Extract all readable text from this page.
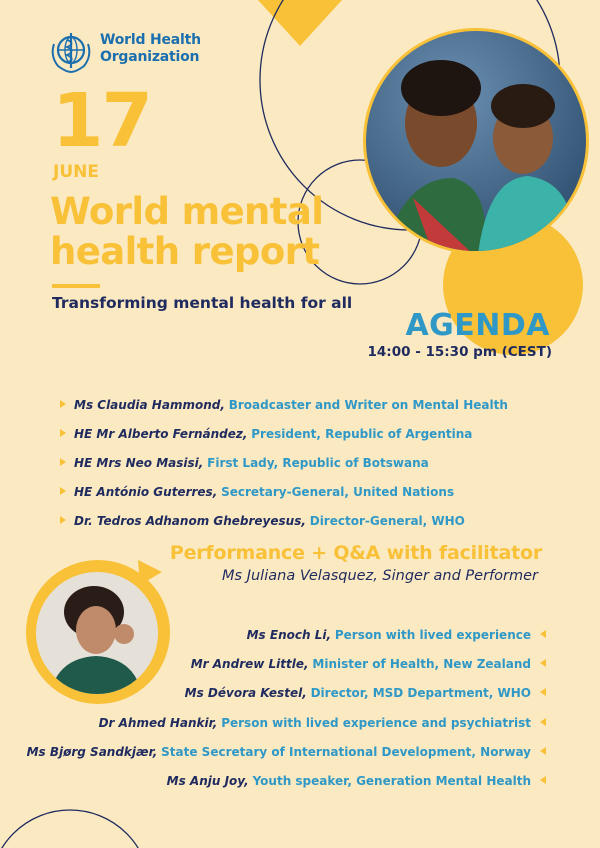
World Health
Organization
17
JUNE
World mental
health report
Transforming mental health for all
AGENDA
14:00 - 15:30 pm (CEST)
Ms Claudia Hammond, Broadcaster and Writer on Mental Health
HE Mr Alberto Fernández, President, Republic of Argentina
HE Mrs Neo Masisi, First Lady, Republic of Botswana
HE António Guterres, Secretary-General, United Nations
Dr. Tedros Adhanom Ghebreyesus, Director-General, WHO
Performance + Q&A with facilitator
Ms Juliana Velasquez, Singer and Performer
Ms Enoch Li, Person with lived experience
Mr Andrew Little, Minister of Health, New Zealand
Ms Dévora Kestel, Director, MSD Department, WHO
Dr Ahmed Hankir, Person with lived experience and psychiatrist
Ms Bjørg Sandkjær, State Secretary of International Development, Norway
Ms Anju Joy, Youth speaker, Generation Mental Health
